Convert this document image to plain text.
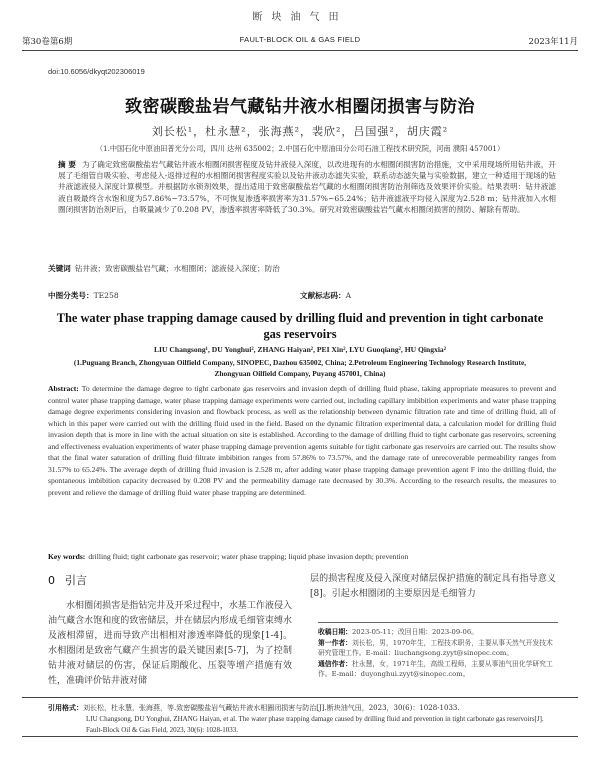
断块油气田
第30卷第6期	FAULT-BLOCK OIL & GAS FIELD	2023年11月
doi:10.6056/dkyqt202306019
致密碳酸盐岩气藏钻井液水相圈闭损害与防治
刘长松¹，杜永慧²，张海燕²，裴欣²，吕国强²，胡庆霞²
（1.中国石化中原油田普光分公司，四川 达州 635002；2.中国石化中原油田分公司石油工程技术研究院，河南 濮阳 457001）
摘 要 为了确定致密碳酸盐岩气藏钻井液水相圈闭损害程度及钻井液侵入深度，以改进现有的水相圈闭损害防治措施，文中采用现场所用钻井液，开展了毛细管自吸实验、考虑侵入-返排过程的水相圈闭损害程度实验以及钻井液动态滤失实验，联系动态滤失量与实验数据，建立一种适用于现场的钻井液滤液侵入深度计算模型。并根据防水锁剂效果，提出适用于致密碳酸盐岩气藏的水相圈闭损害防治剂筛选及效果评价实验。结果表明：钻井液滤液自吸最终含水饱和度为57.86%~73.57%，不可恢复渗透率损害率为31.57%~65.24%；钻井液滤液平均侵入深度为2.528 m；钻井液加入水相圈闭损害防治剂F后，自吸量减少了0.208 PV，渗透率损害率降低了30.3%。研究对致密碳酸盐岩气藏水相圈闭损害的预防、解除有帮助。
关键词 钻井液；致密碳酸盐岩气藏；水相圈闭；滤液侵入深度；防治
中图分类号：TE258	文献标志码：A
The water phase trapping damage caused by drilling fluid and prevention in tight carbonate gas reservoirs
LIU Changsong¹, DU Yonghui², ZHANG Haiyan², PEI Xin², LYU Guoqiang², HU Qingxia²
(1.Puguang Branch, Zhongyuan Oilfield Company, SINOPEC, Dazhou 635002, China; 2.Petroleum Engineering Technology Research Institute, Zhongyuan Oilfield Company, Puyang 457001, China)
Abstract: To determine the damage degree to tight carbonate gas reservoirs and invasion depth of drilling fluid phase, taking appropriate measures to prevent and control water phase trapping damage, water phase trapping damage experiments were carried out, including capillary imbibition experiments and water phase trapping damage degree experiments considering invasion and flowback process, as well as the relationship between dynamic filtration rate and time of drilling fluid, all of which in this paper were carried out with the drilling fluid used in the field. Based on the dynamic filtration experimental data, a calculation model for drilling fluid invasion depth that is more in line with the actual situation on site is established. According to the damage of drilling fluid to tight carbonate gas reservoirs, screening and effectiveness evaluation experiments of water phase trapping damage prevention agents suitable for tight carbonate gas reservoirs are carried out. The results show that the final water saturation of drilling fluid filtrate imbibition ranges from 57.86% to 73.57%, and the damage rate of unrecoverable permeability ranges from 31.57% to 65.24%. The average depth of drilling fluid invasion is 2.528 m, after adding water phase trapping damage prevention agent F into the drilling fluid, the spontaneous imbibition capacity decreased by 0.208 PV and the permeability damage rate decreased by 30.3%. According to the research results, the measures to prevent and relieve the damage of drilling fluid water phase trapping are determined.
Key words: drilling fluid; tight carbonate gas reservoir; water phase trapping; liquid phase invasion depth; prevention
0 引言
水相圈闭损害是指钻完井及开采过程中，水基工作液侵入油气藏含水饱和度的致密储层，并在储层内形成毛细管束缚水及液相滞留，进而导致产出相相对渗透率降低的现象[1-4]。水相圈闭是致密气藏产生损害的最关键因素[5-7]，为了控制钻井液对储层的伤害，保证后期酸化、压裂等增产措施有效性，准确评价钻井液对储
层的损害程度及侵入深度对储层保护措施的制定具有指导意义[8]。引起水相圈闭的主要原因是毛细管力
收稿日期：2023-05-11；改回日期：2023-09-06。
第一作者：刘长松，男，1970年生，工程技术职务，主要从事天然气开发技术研究管理工作。E-mail：liuchangsong.zyyt@sinopec.com。
通信作者：杜永慧，女，1971年生，高级工程师，主要从事油气田化学研究工作。E-mail：duyonghui.zyyt@sinopec.com。
引用格式：刘长松，杜永慧，张海燕，等.致密碳酸盐岩气藏钻井液水相圈闭损害与防治[J].断块油气田，2023，30(6)：1028-1033.
LIU Changsong, DU Yonghui, ZHANG Haiyan, et al. The water phase trapping damage caused by drilling fluid and prevention in tight carbonate gas reservoirs[J]. Fault-Block Oil & Gas Field, 2023, 30(6): 1028-1033.
